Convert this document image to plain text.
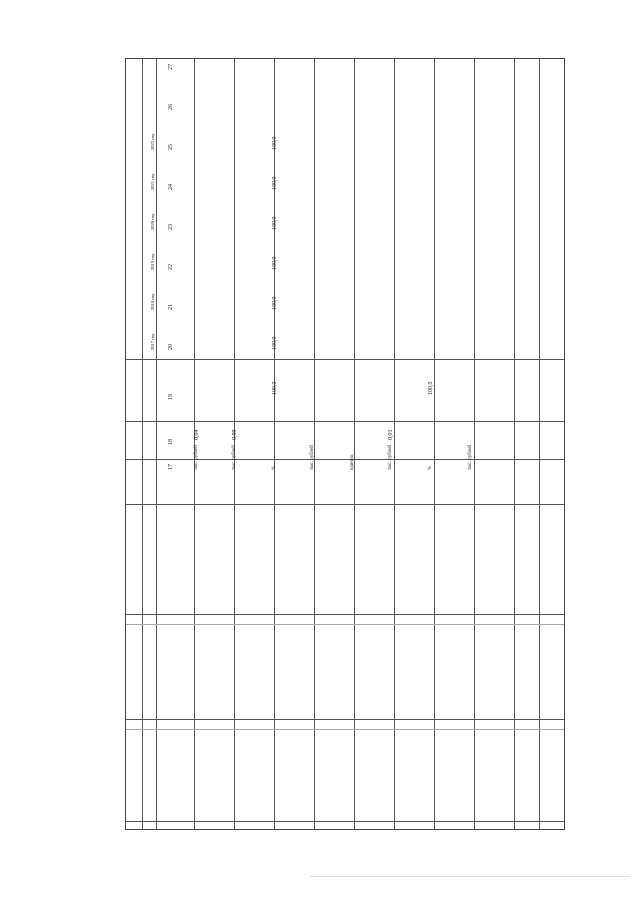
2017 год
2018 год
2019 год
2020 год
2021 год
2022 год
17
18
19
20
21
22
23
24
25
26
27
тыс. рублей
0,04
тыс. рублей
0,99
%
100,0
100,0
100,0
100,0
100,0
100,0
100,0
тыс. рублей	единиц	тыс. рублей
0,01
%
100,0
тыс. рублей
